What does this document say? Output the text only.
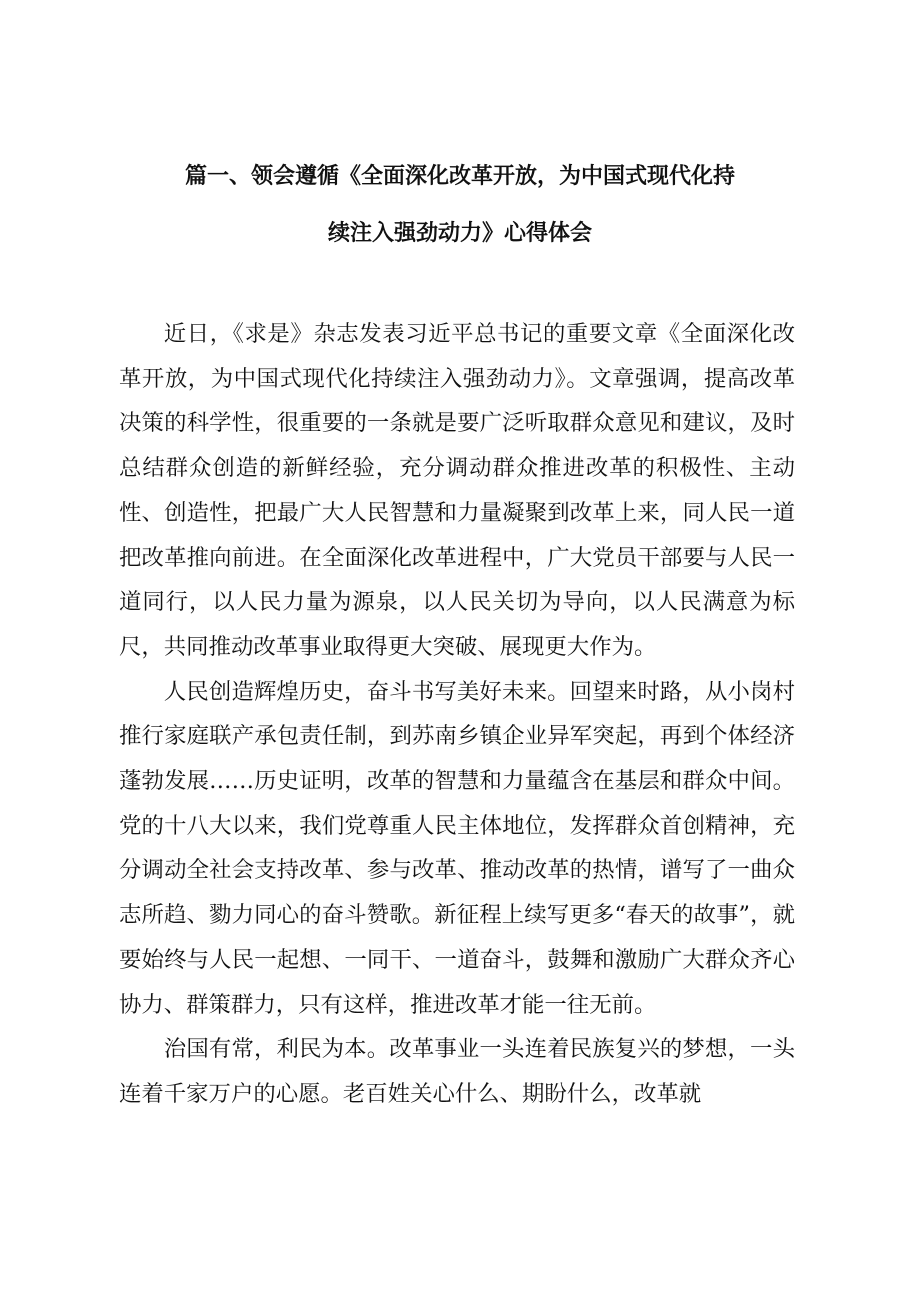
篇一、领会遵循《全面深化改革开放，为中国式现代化持
续注入强劲动力》心得体会

近日，《求是》杂志发表习近平总书记的重要文章《全面深化改革开放，为中国式现代化持续注入强劲动力》。文章强调，提高改革决策的科学性，很重要的一条就是要广泛听取群众意见和建议，及时总结群众创造的新鲜经验，充分调动群众推进改革的积极性、主动性、创造性，把最广大人民智慧和力量凝聚到改革上来，同人民一道把改革推向前进。在全面深化改革进程中，广大党员干部要与人民一道同行，以人民力量为源泉，以人民关切为导向，以人民满意为标尺，共同推动改革事业取得更大突破、展现更大作为。

人民创造辉煌历史，奋斗书写美好未来。回望来时路，从小岗村推行家庭联产承包责任制，到苏南乡镇企业异军突起，再到个体经济蓬勃发展……历史证明，改革的智慧和力量蕴含在基层和群众中间。党的十八大以来，我们党尊重人民主体地位，发挥群众首创精神，充分调动全社会支持改革、参与改革、推动改革的热情，谱写了一曲众志所趋、勠力同心的奋斗赞歌。新征程上续写更多“春天的故事”，就要始终与人民一起想、一同干、一道奋斗，鼓舞和激励广大群众齐心协力、群策群力，只有这样，推进改革才能一往无前。

治国有常，利民为本。改革事业一头连着民族复兴的梦想，一头连着千家万户的心愿。老百姓关心什么、期盼什么，改革就
